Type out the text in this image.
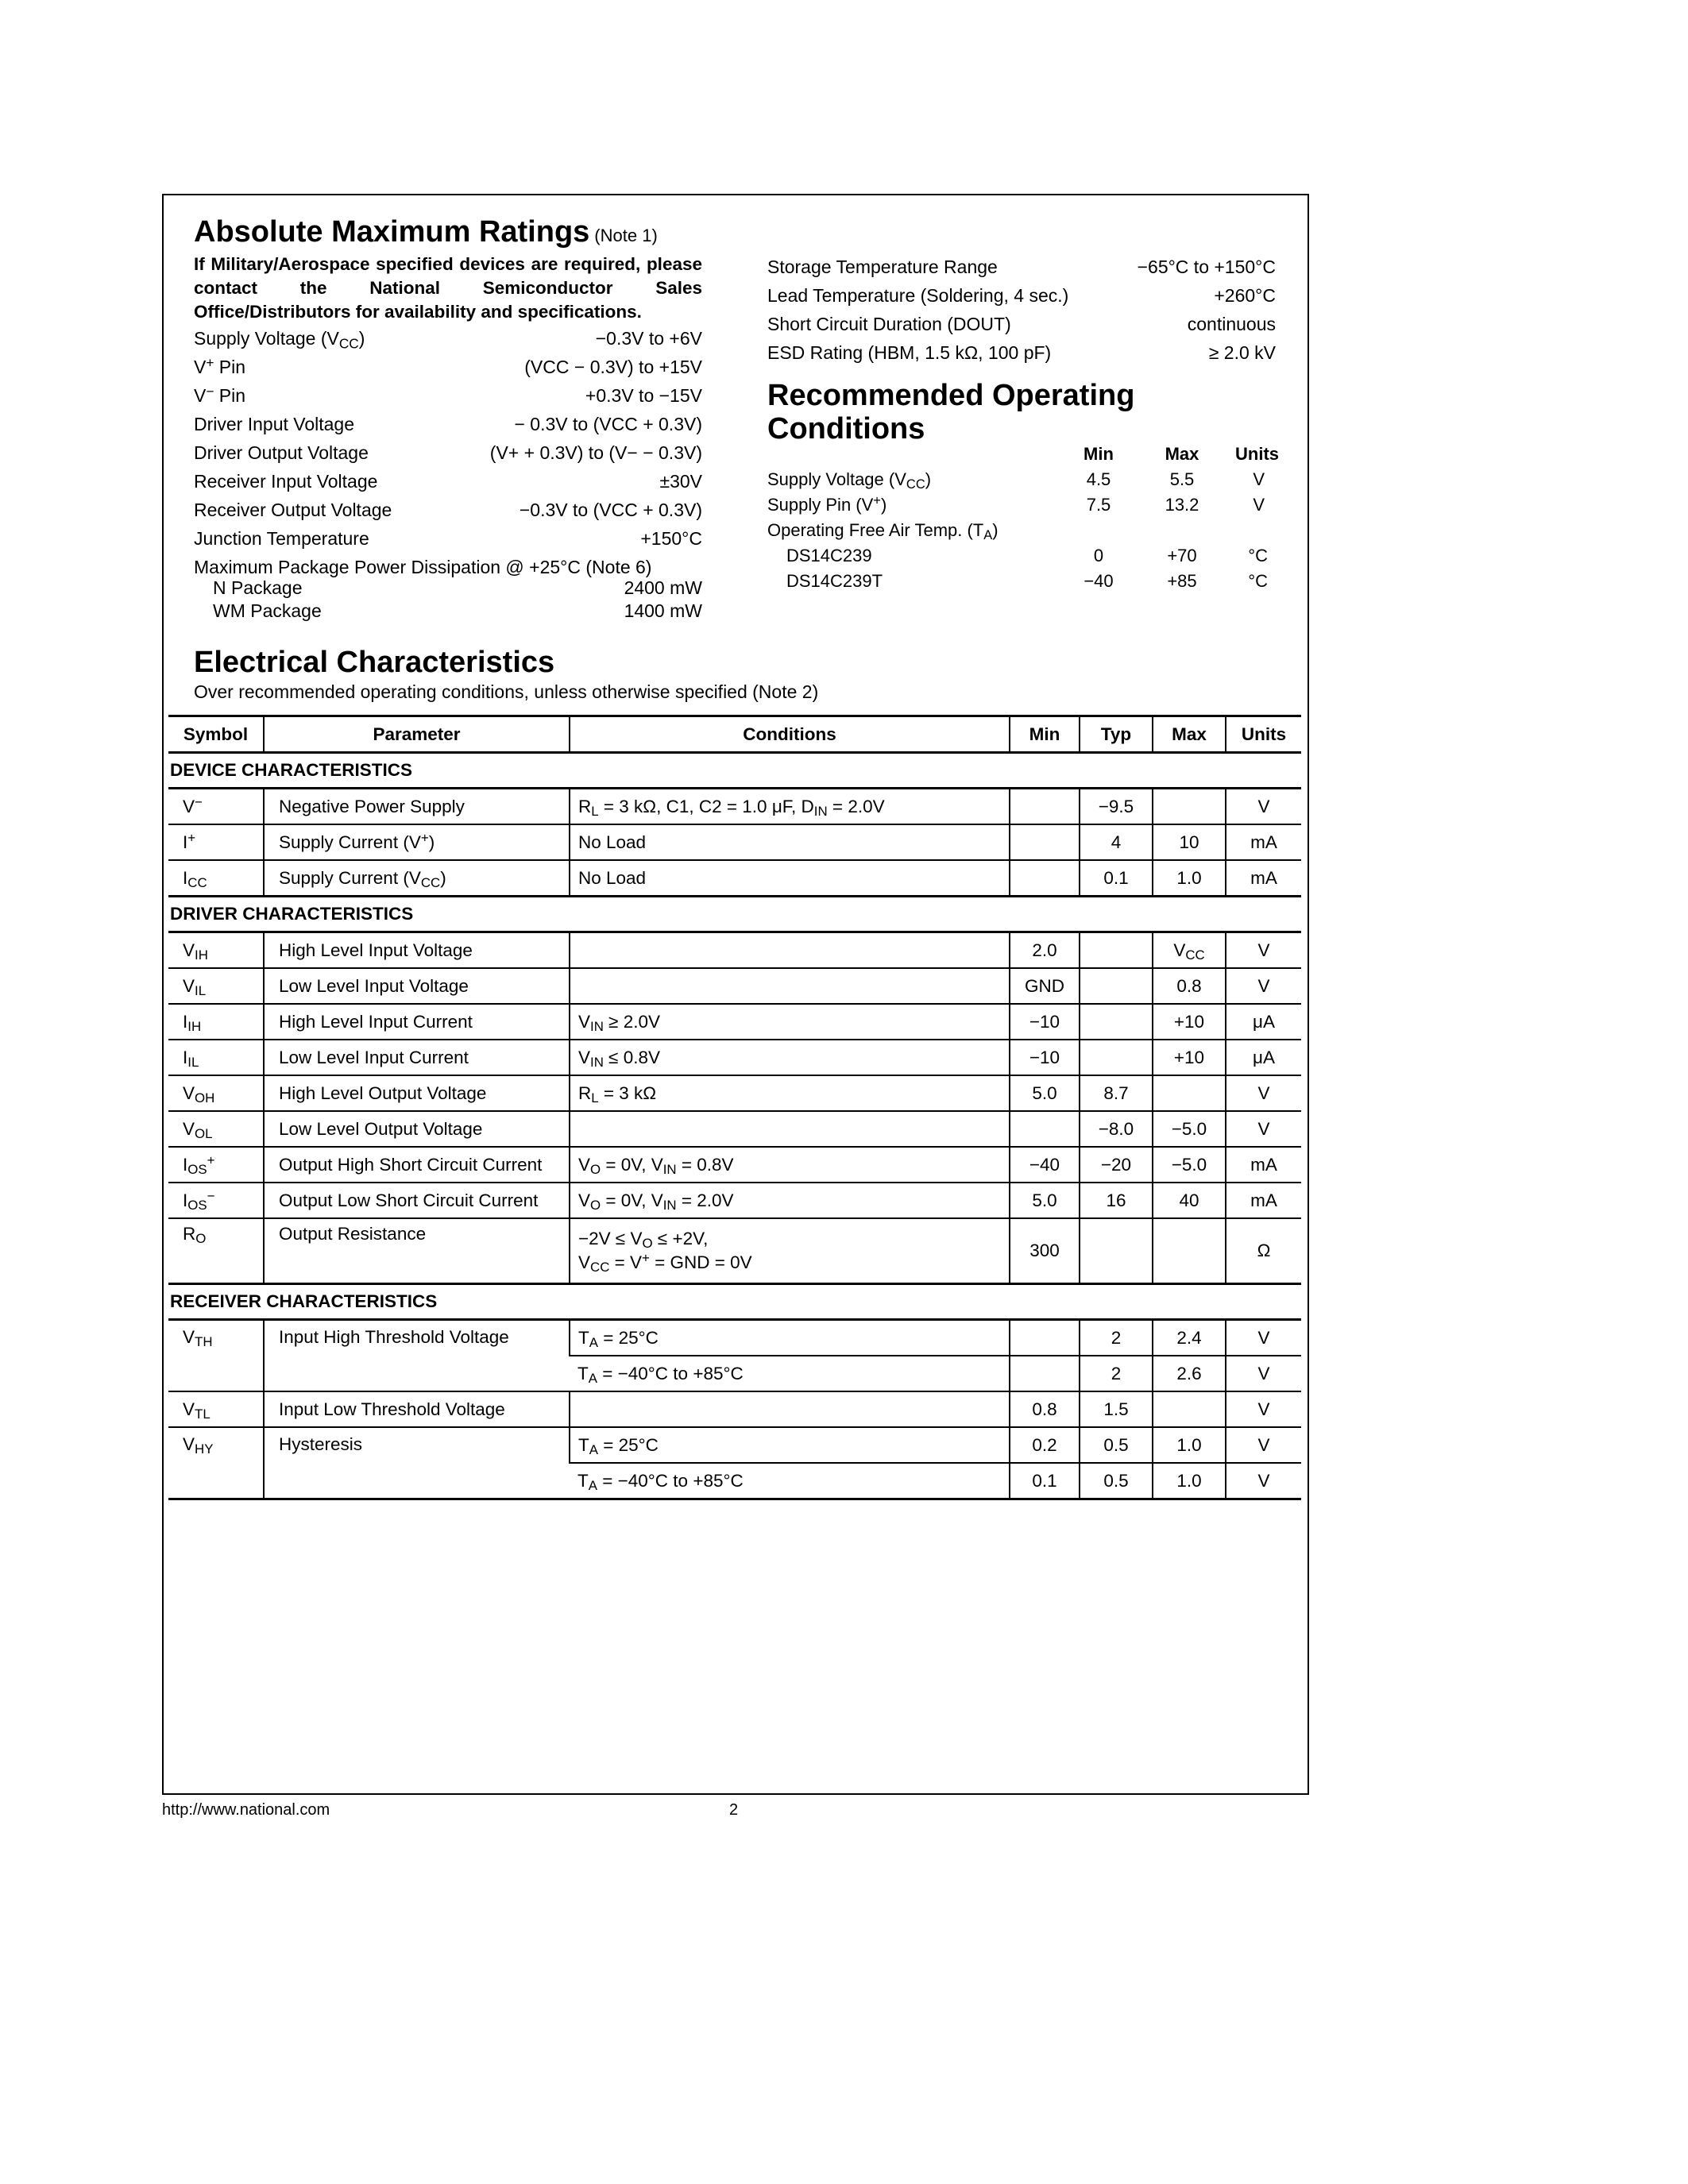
Absolute Maximum Ratings (Note 1)
If Military/Aerospace specified devices are required, please contact the National Semiconductor Sales Office/Distributors for availability and specifications.
Supply Voltage $(V_{CC})$	−0.3V to +6V
V+ Pin	(VCC − 0.3V) to +15V
V− Pin	+0.3V to −15V
Driver Input Voltage	− 0.3V to (VCC + 0.3V)
Driver Output Voltage	(V+ + 0.3V) to (V− − 0.3V)
Receiver Input Voltage	±30V
Receiver Output Voltage	−0.3V to (VCC + 0.3V)
Junction Temperature	+150°C
Maximum Package Power Dissipation @ +25°C (Note 6)
N Package	2400 mW
WM Package	1400 mW
Storage Temperature Range	−65°C to +150°C
Lead Temperature (Soldering, 4 sec.)	+260°C
Short Circuit Duration (DOUT)	continuous
ESD Rating (HBM, 1.5 kΩ, 100 pF)	≥ 2.0 kV
Recommended Operating
Conditions
	Min	Max	Units
Supply Voltage $(V_{CC})$	4.5	5.5	V
Supply Pin (V+)	7.5	13.2	V
Operating Free Air Temp. $(T_A)$			
DS14C239	0	+70	°C
DS14C239T	−40	+85	°C
Electrical Characteristics
Over recommended operating conditions, unless otherwise specified (Note 2)
Symbol	Parameter	Conditions	Min	Typ	Max	Units
DEVICE CHARACTERISTICS						
V−	Negative Power Supply	$R_L = 3$ kΩ, C1, C2 = 1.0 μF, $D_{IN} = 2.0V$		−9.5		V
I+	Supply Current (V+)	No Load		4	10	mA
$I_{CC}$	Supply Current $(V_{CC})$	No Load		0.1	1.0	mA
DRIVER CHARACTERISTICS						
$V_{IH}$	High Level Input Voltage		2.0		$V_{CC}$	V
$V_{IL}$	Low Level Input Voltage		GND		0.8	V
$I_{IH}$	High Level Input Current	$V_{IN} \ge 2.0V$	−10		+10	μA
$I_{IL}$	Low Level Input Current	$V_{IN} \le 0.8V$	−10		+10	μA
$V_{OH}$	High Level Output Voltage	$R_L = 3$ kΩ	5.0	8.7		V
$V_{OL}$	Low Level Output Voltage			−8.0	−5.0	V
$I_{OS}^+$	Output High Short Circuit Current	$V_O = 0V$, $V_{IN} = 0.8V$	−40	−20	−5.0	mA
$I_{OS}^-$	Output Low Short Circuit Current	$V_O = 0V$, $V_{IN} = 2.0V$	5.0	16	40	mA
$R_O$	Output Resistance	$-2V \le V_O \le +2V$,
$V_{CC} = V^+$ = GND = 0V	300			Ω
RECEIVER CHARACTERISTICS						
$V_{TH}$	Input High Threshold Voltage	$T_A = 25^\circ C$		2	2.4	V
		$T_A = -40^\circ C$ to +85°C		2	2.6	V
$V_{TL}$	Input Low Threshold Voltage		0.8	1.5		V
$V_{HY}$	Hysteresis	$T_A = 25^\circ C$	0.2	0.5	1.0	V
		$T_A = -40^\circ C$ to +85°C	0.1	0.5	1.0	V
http://www.national.com	2
